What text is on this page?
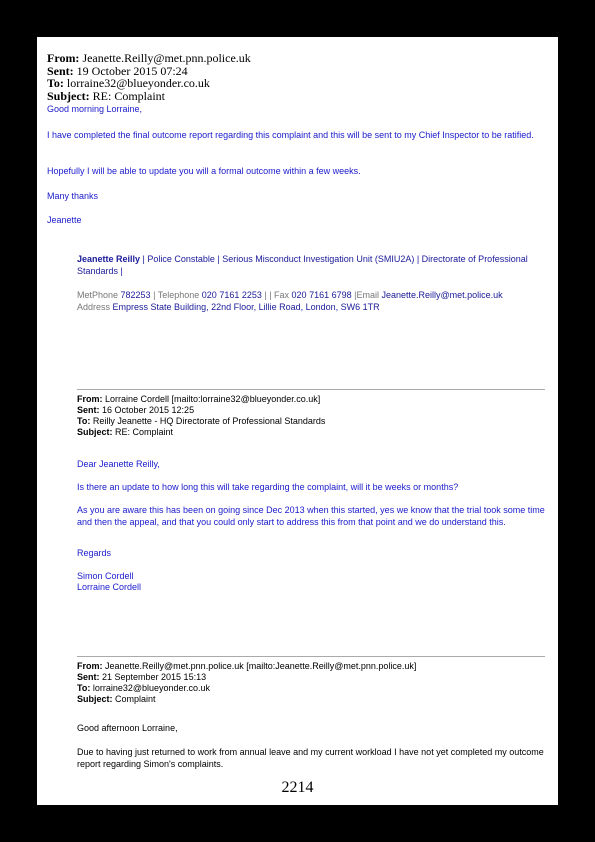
From: Jeanette.Reilly@met.pnn.police.uk
Sent: 19 October 2015 07:24
To: lorraine32@blueyonder.co.uk
Subject: RE: Complaint

Good morning Lorraine,

I have completed the final outcome report regarding this complaint and this will be sent to my Chief Inspector to be ratified.

Hopefully I will be able to update you will a formal outcome within a few weeks.

Many thanks

Jeanette

Jeanette Reilly | Police Constable | Serious Misconduct Investigation Unit (SMIU2A) | Directorate of Professional Standards |

MetPhone 782253 | Telephone 020 7161 2253 | | Fax 020 7161 6798 |Email Jeanette.Reilly@met.police.uk

Address Empress State Building, 22nd Floor, Lillie Road, London, SW6 1TR

From: Lorraine Cordell [mailto:lorraine32@blueyonder.co.uk]
Sent: 16 October 2015 12:25
To: Reilly Jeanette - HQ Directorate of Professional Standards
Subject: RE: Complaint

Dear Jeanette Reilly,

Is there an update to how long this will take regarding the complaint, will it be weeks or months?

As you are aware this has been on going since Dec 2013 when this started, yes we know that the trial took some time and then the appeal, and that you could only start to address this from that point and we do understand this.

Regards

Simon Cordell

Lorraine Cordell

From: Jeanette.Reilly@met.pnn.police.uk [mailto:Jeanette.Reilly@met.pnn.police.uk]
Sent: 21 September 2015 15:13
To: lorraine32@blueyonder.co.uk
Subject: Complaint

Good afternoon Lorraine,

Due to having just returned to work from annual leave and my current workload I have not yet completed my outcome report regarding Simon's complaints.

2214
